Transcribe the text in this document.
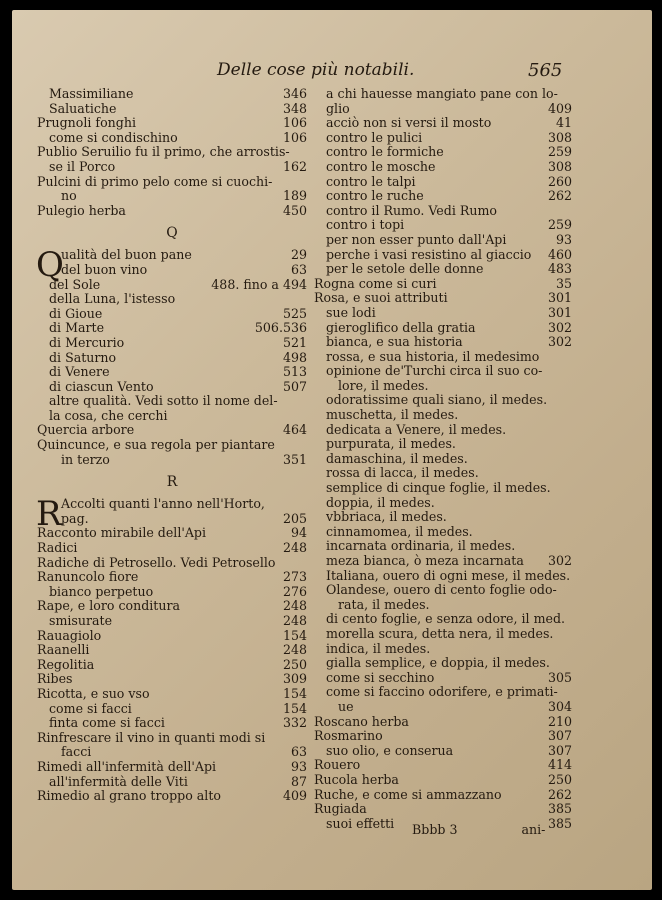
Delle cose più notabili.	565
Massimiliane	346
Saluatiche	348
Prugnoli fonghi	106
come si condischino	106
Publio Seruilio fu il primo, che arrostis-
se il Porco	162
Pulcini di primo pelo come si cuochi-
no	189
Pulegio herba	450
Q
Q
ualità del buon pane	29
del buon vino	63
del Sole	488. fino a 494
della Luna, l'istesso
di Gioue	525
di Marte	506.536
di Mercurio	521
di Saturno	498
di Venere	513
di ciascun Vento	507
altre qualità. Vedi sotto il nome del-
la cosa, che cerchi
Quercia arbore	464
Quincunce, e sua regola per piantare
in terzo	351
R
R Accolti quanti l'anno nell'Horto,
pag.	205
Racconto mirabile dell'Api	94
Radici	248
Radiche di Petrosello. Vedi Petrosello
Ranuncolo fiore	273
bianco perpetuo	276
Rape, e loro conditura	248
smisurate	248
Rauagiolo	154
Raanelli	248
Regolitia	250
Ribes	309
Ricotta, e suo vso	154
come si facci	154
finta come si facci	332
Rinfrescare il vino in quanti modi si
facci	63
Rimedi all'infermità dell'Api	93
all'infermità delle Viti	87
Rimedio al grano troppo alto	409
a chi hauesse mangiato pane con lo-
glio	409
acciò non si versi il mosto	41
contro le pulici	308
contro le formiche	259
contro le mosche	308
contro le talpi	260
contro le ruche	262
contro il Rumo. Vedi Rumo
contro i topi	259
per non esser punto dall'Api	93
perche i vasi resistino al giaccio 460
per le setole delle donne	483
Rogna come si curi	35
Rosa, e suoi attributi	301
sue lodi	301
gieroglifico della gratia	302
bianca, e sua historia	302
rossa, e sua historia, il medesimo
opinione de'Turchi circa il suo co-
lore, il medes.
odoratissime quali siano, il medes.
muschetta, il medes.
dedicata a Venere, il medes.
purpurata, il medes.
damaschina, il medes.
rossa di lacca, il medes.
semplice di cinque foglie, il medes.
doppia, il medes.
vbbriaca, il medes.
cinnamomea, il medes.
incarnata ordinaria, il medes.
meza bianca, ò meza incarnata 302
Italiana, ouero di ogni mese, il medes.
Olandese, ouero di cento foglie odo-
rata, il medes.
di cento foglie, e senza odore, il med.
morella scura, detta nera, il medes.
indica, il medes.
gialla semplice, e doppia, il medes.
come si secchino	305
come si faccino odorifere, e primati-
ue	304
Roscano herba	210
Rosmarino	307
suo olio, e conserua	307
Rouero	414
Rucola herba	250
Ruche, e come si ammazzano	262
Rugiada	385
suoi effetti	385
Bbbb 3	ani-
